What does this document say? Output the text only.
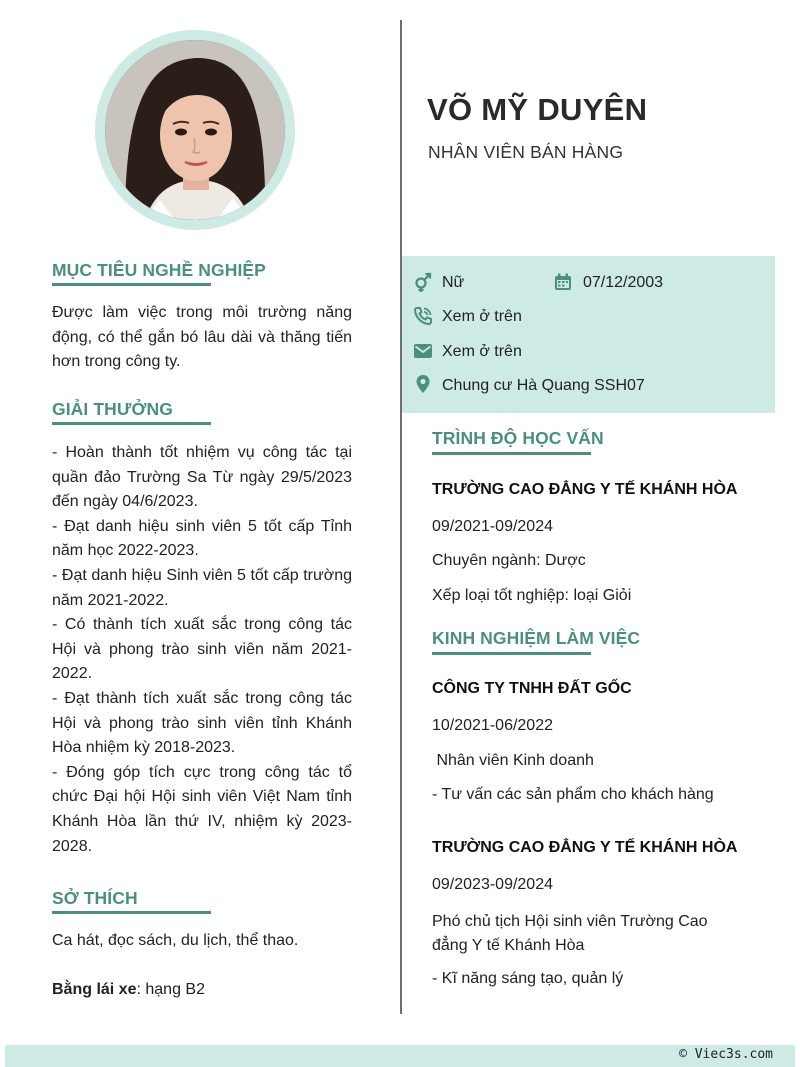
VÕ MỸ DUYÊN
NHÂN VIÊN BÁN HÀNG
Nữ	07/12/2003
Xem ở trên
Xem ở trên
Chung cư Hà Quang SSH07
MỤC TIÊU NGHỀ NGHIỆP

Được làm việc trong môi trường năng động, có thể gắn bó lâu dài và thăng tiến hơn trong công ty.

GIẢI THƯỞNG

- Hoàn thành tốt nhiệm vụ công tác tại quần đảo Trường Sa Từ ngày 29/5/2023 đến ngày 04/6/2023.

- Đạt danh hiệu sinh viên 5 tốt cấp Tỉnh năm học 2022-2023.

- Đạt danh hiệu Sinh viên 5 tốt cấp trường năm 2021-2022.

- Có thành tích xuất sắc trong công tác Hội và phong trào sinh viên năm 2021-2022.

- Đạt thành tích xuất sắc trong công tác Hội và phong trào sinh viên tỉnh Khánh Hòa nhiệm kỳ 2018-2023.

- Đóng góp tích cực trong công tác tổ chức Đại hội Hội sinh viên Việt Nam tỉnh Khánh Hòa lần thứ IV, nhiệm kỳ 2023-2028.

SỞ THÍCH
Ca hát, đọc sách, du lịch, thể thao.
Bằng lái xe: hạng B2
TRÌNH ĐỘ HỌC VẤN
TRƯỜNG CAO ĐẲNG Y TẾ KHÁNH HÒA
09/2021-09/2024
Chuyên ngành: Dược
Xếp loại tốt nghiệp: loại Giỏi
KINH NGHIỆM LÀM VIỆC
CÔNG TY TNHH ĐẤT GỐC
10/2021-06/2022
Nhân viên Kinh doanh
- Tư vấn các sản phẩm cho khách hàng
TRƯỜNG CAO ĐẲNG Y TẾ KHÁNH HÒA
09/2023-09/2024
Phó chủ tịch Hội sinh viên Trường Cao đẳng Y tế Khánh Hòa
- Kĩ năng sáng tạo, quản lý
© Viec3s.com
